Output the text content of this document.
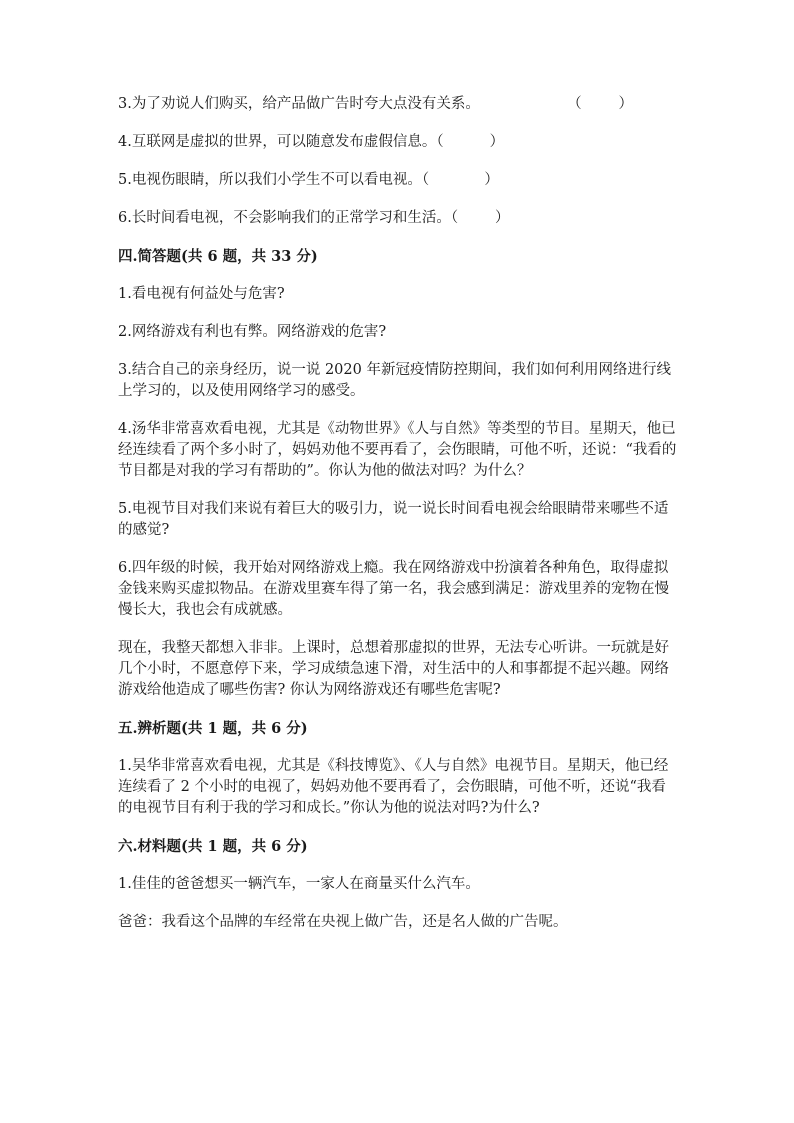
3.为了劝说人们购买，给产品做广告时夸大点没有关系。	（        ）

4.互联网是虚拟的世界，可以随意发布虚假信息。（          ）

5.电视伤眼睛，所以我们小学生不可以看电视。（            ）

6.长时间看电视，不会影响我们的正常学习和生活。（        ）

四.简答题(共 6 题，共 33 分)

1.看电视有何益处与危害?

2.网络游戏有利也有弊。网络游戏的危害?

3.结合自己的亲身经历，说一说 2020 年新冠疫情防控期间，我们如何利用网络进行线上学习的，以及使用网络学习的感受。

4.汤华非常喜欢看电视，尤其是《动物世界》《人与自然》等类型的节目。星期天，他已经连续看了两个多小时了，妈妈劝他不要再看了，会伤眼睛，可他不听，还说：“我看的节目都是对我的学习有帮助的”。你认为他的做法对吗？为什么？

5.电视节目对我们来说有着巨大的吸引力，说一说长时间看电视会给眼睛带来哪些不适的感觉?

6.四年级的时候，我开始对网络游戏上瘾。我在网络游戏中扮演着各种角色，取得虚拟金钱来购买虚拟物品。在游戏里赛车得了第一名，我会感到满足：游戏里养的宠物在慢慢长大，我也会有成就感。

现在，我整天都想入非非。上课时，总想着那虚拟的世界，无法专心听讲。一玩就是好几个小时，不愿意停下来，学习成绩急速下滑，对生活中的人和事都提不起兴趣。网络游戏给他造成了哪些伤害? 你认为网络游戏还有哪些危害呢?

五.辨析题(共 1 题，共 6 分)

1.吴华非常喜欢看电视，尤其是《科技博览》、《人与自然》电视节目。星期天，他已经连续看了 2 个小时的电视了，妈妈劝他不要再看了，会伤眼睛，可他不听，还说“我看的电视节目有利于我的学习和成长。”你认为他的说法对吗?为什么?

六.材料题(共 1 题，共 6 分)

1.佳佳的爸爸想买一辆汽车，一家人在商量买什么汽车。

爸爸：我看这个品牌的车经常在央视上做广告，还是名人做的广告呢。
